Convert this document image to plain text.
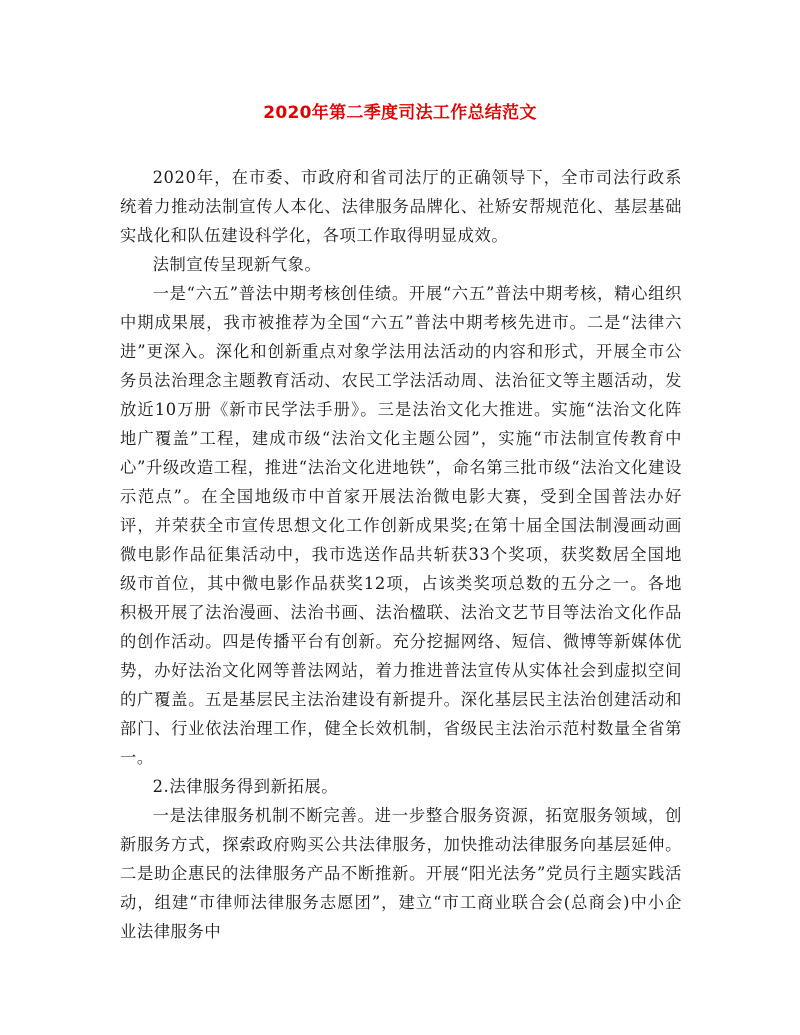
2020年第二季度司法工作总结范文

2020年，在市委、市政府和省司法厅的正确领导下，全市司法行政系统着力推动法制宣传人本化、法律服务品牌化、社矫安帮规范化、基层基础实战化和队伍建设科学化，各项工作取得明显成效。

法制宣传呈现新气象。

一是“六五”普法中期考核创佳绩。开展“六五”普法中期考核，精心组织中期成果展，我市被推荐为全国“六五”普法中期考核先进市。二是“法律六进”更深入。深化和创新重点对象学法用法活动的内容和形式，开展全市公务员法治理念主题教育活动、农民工学法活动周、法治征文等主题活动，发放近10万册《新市民学法手册》。三是法治文化大推进。实施“法治文化阵地广覆盖”工程，建成市级“法治文化主题公园”，实施“市法制宣传教育中心”升级改造工程，推进“法治文化进地铁”，命名第三批市级“法治文化建设示范点”。在全国地级市中首家开展法治微电影大赛，受到全国普法办好评，并荣获全市宣传思想文化工作创新成果奖;在第十届全国法制漫画动画微电影作品征集活动中，我市选送作品共斩获33个奖项，获奖数居全国地级市首位，其中微电影作品获奖12项，占该类奖项总数的五分之一。各地积极开展了法治漫画、法治书画、法治楹联、法治文艺节目等法治文化作品的创作活动。四是传播平台有创新。充分挖掘网络、短信、微博等新媒体优势，办好法治文化网等普法网站，着力推进普法宣传从实体社会到虚拟空间的广覆盖。五是基层民主法治建设有新提升。深化基层民主法治创建活动和部门、行业依法治理工作，健全长效机制，省级民主法治示范村数量全省第一。

2.法律服务得到新拓展。

一是法律服务机制不断完善。进一步整合服务资源，拓宽服务领域，创新服务方式，探索政府购买公共法律服务，加快推动法律服务向基层延伸。二是助企惠民的法律服务产品不断推新。开展“阳光法务”党员行主题实践活动，组建“市律师法律服务志愿团”，建立“市工商业联合会(总商会)中小企业法律服务中
